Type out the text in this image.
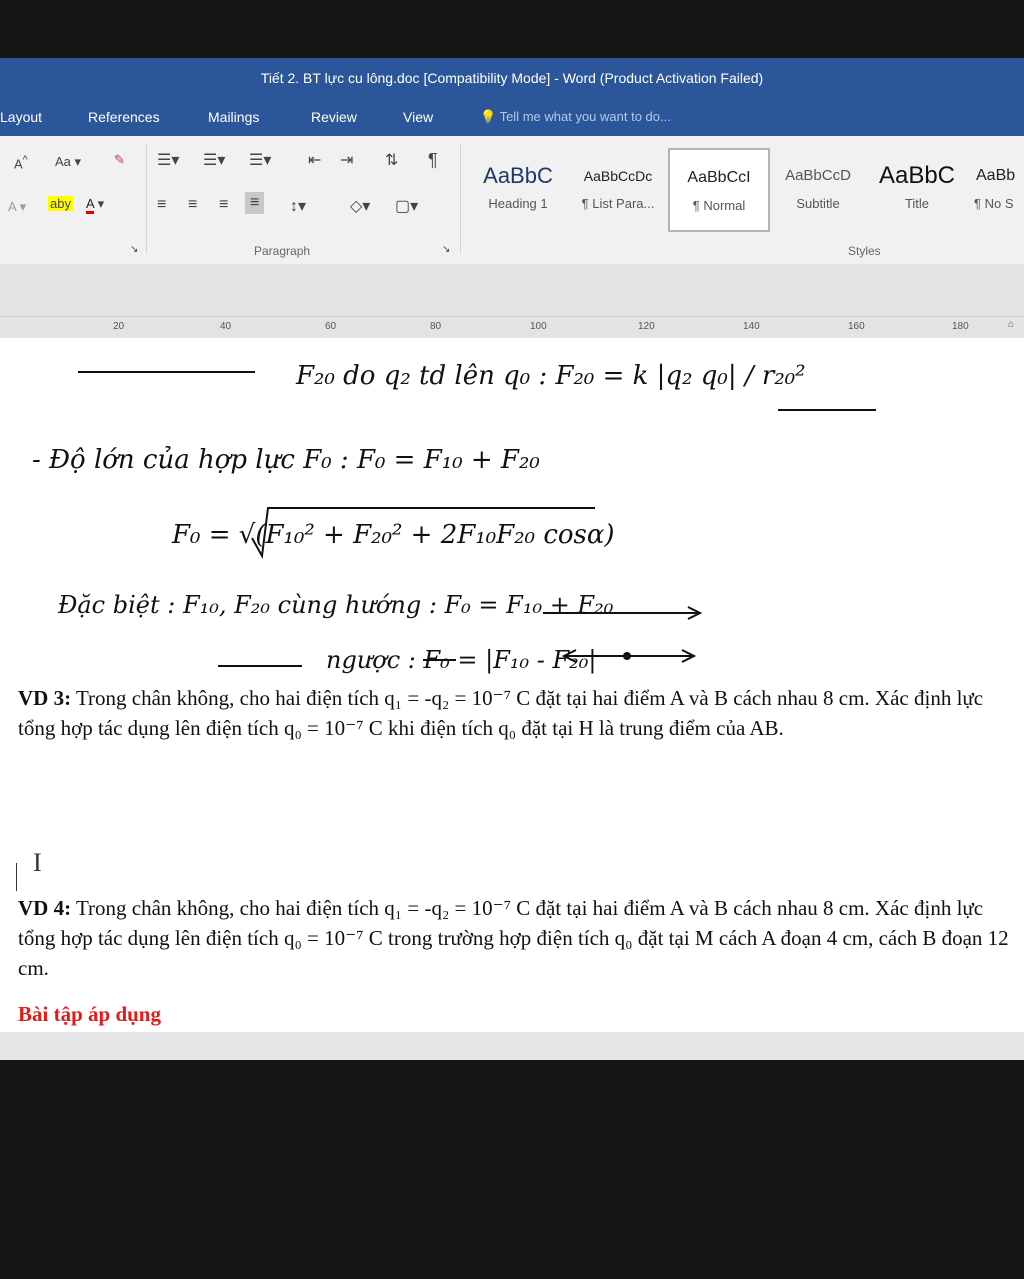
Tiết 2. BT lực cu lông.doc [Compatibility Mode] - Word (Product Activation Failed)
Layout	References	Mailings	Review	View	💡 Tell me what you want to do...
A^ Aa ▾	✎
A ▾ aby A ▾
↘
☰▾ ☰▾ ☰▾ ⇤ ⇥ ⇅ ¶
≡ ≡ ≡	≡	↕▾	◇▾ ▢▾
Paragraph	↘
AaBbC
Heading 1
AaBbCcDc
¶ List Para...
AaBbCcI
¶ Normal
AaBbCcD
Subtitle
AaBbC
Title
AaBb
¶ No S
Styles
20	40	60	80	100	120	140	160	180	⌂
F₂₀ do q₂ td lên q₀ : F₂₀ = k |q₂ q₀| / r₂₀²
- Độ lớn của hợp lực F₀ : F₀ = F₁₀ + F₂₀
F₀ = √(F₁₀² + F₂₀² + 2F₁₀F₂₀ cosα)
Đặc biệt : F₁₀, F₂₀ cùng hướng : F₀ = F₁₀ + F₂₀
ngược : F₀ = |F₁₀ - F₂₀|
VD 3: Trong chân không, cho hai điện tích q₁ = -q₂ = 10⁻⁷ C đặt tại hai điểm A và B cách nhau 8 cm. Xác định lực tổng hợp tác dụng lên điện tích q₀ = 10⁻⁷ C khi điện tích q₀ đặt tại H là trung điểm của AB.
I
VD 4: Trong chân không, cho hai điện tích q₁ = -q₂ = 10⁻⁷ C đặt tại hai điểm A và B cách nhau 8 cm. Xác định lực tổng hợp tác dụng lên điện tích q₀ = 10⁻⁷ C trong trường hợp điện tích q₀ đặt tại M cách A đoạn 4 cm, cách B đoạn 12 cm.
Bài tập áp dụng
